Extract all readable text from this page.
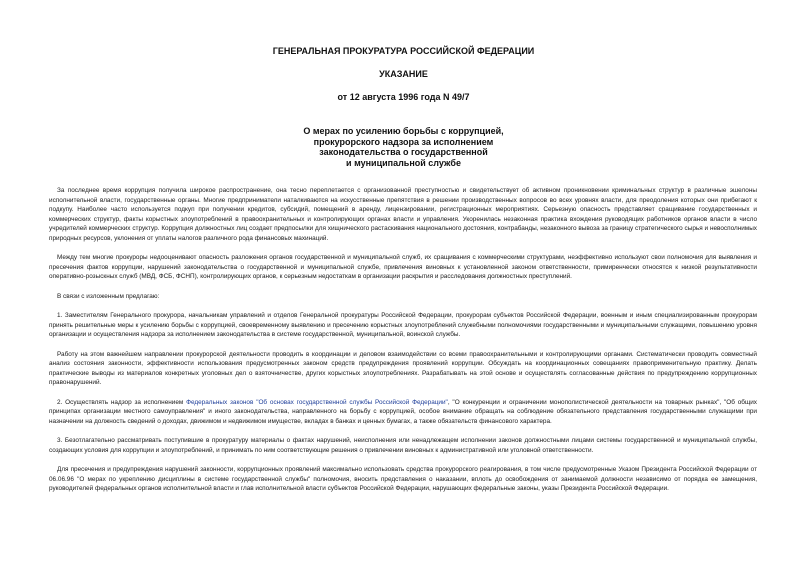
ГЕНЕРАЛЬНАЯ ПРОКУРАТУРА РОССИЙСКОЙ ФЕДЕРАЦИИ
УКАЗАНИЕ
от 12 августа 1996 года N 49/7
О мерах по усилению борьбы с коррупцией,
прокурорского надзора за исполнением
законодательства о государственной
и муниципальной службе

За последнее время коррупция получила широкое распространение, она тесно переплетается с организованной преступностью и свидетельствует об активном проникновении криминальных структур в различные эшелоны исполнительной власти, государственные органы. Многие предприниматели наталкиваются на искусственные препятствия в решении производственных вопросов во всех уровнях власти, для преодоления которых они прибегают к подкупу. Наиболее часто используется подкуп при получении кредитов, субсидий, помещений в аренду, лицензировании, регистрационных мероприятиях. Серьезную опасность представляет сращивание государственных и коммерческих структур, факты корыстных злоупотреблений в правоохранительных и контролирующих органах власти и управления. Укоренилась незаконная практика вхождения руководящих работников органов власти в число учредителей коммерческих структур. Коррупция должностных лиц создает предпосылки для хищнического растаскивания национального достояния, контрабанды, незаконного вывоза за границу стратегического сырья и невосполнимых природных ресурсов, уклонения от уплаты налогов различного рода финансовых махинаций.

Между тем многие прокуроры недооценивают опасность разложения органов государственной и муниципальной служб, их сращивания с коммерческими структурами, неэффективно используют свои полномочия для выявления и пресечения фактов коррупции, нарушений законодательства о государственной и муниципальной службе, привлечения виновных к установленной законом ответственности, примиренчески относятся к низкой результативности оперативно-розыскных служб (МВД, ФСБ, ФСНП), контролирующих органов, к серьезным недостаткам в организации раскрытия и расследования должностных преступлений.

В связи с изложенным предлагаю:

1. Заместителям Генерального прокурора, начальникам управлений и отделов Генеральной прокуратуры Российской Федерации, прокурорам субъектов Российской Федерации, военным и иным специализированным прокурорам принять решительные меры к усилению борьбы с коррупцией, своевременному выявлению и пресечению корыстных злоупотреблений служебными полномочиями государственными и муниципальными служащими, повышению уровня организации и осуществления надзора за исполнением законодательства в системе государственной, муниципальной, воинской службы.

Работу на этом важнейшем направлении прокурорской деятельности проводить в координации и деловом взаимодействии со всеми правоохранительными и контролирующими органами. Систематически проводить совместный анализ состояния законности, эффективности использования предусмотренных законом средств предупреждения проявлений коррупции. Обсуждать на координационных совещаниях правоприменительную практику. Делать практические выводы из материалов конкретных уголовных дел о взяточничестве, других корыстных злоупотреблениях. Разрабатывать на этой основе и осуществлять согласованные действия по предупреждению коррупционных правонарушений.

2. Осуществлять надзор за исполнением Федеральных законов "Об основах государственной службы Российской Федерации", "О конкуренции и ограничении монополистической деятельности на товарных рынках", "Об общих принципах организации местного самоуправления" и иного законодательства, направленного на борьбу с коррупцией, особое внимание обращать на соблюдение обязательного представления государственными служащими при назначении на должность сведений о доходах, движимом и недвижимом имуществе, вкладах в банках и ценных бумагах, а также обязательств финансового характера.

3. Безотлагательно рассматривать поступившие в прокуратуру материалы о фактах нарушений, неисполнения или ненадлежащем исполнении законов должностными лицами системы государственной и муниципальной службы, создающих условия для коррупции и злоупотреблений, и принимать по ним соответствующие решения о привлечении виновных к административной или уголовной ответственности.

Для пресечения и предупреждения нарушений законности, коррупционных проявлений максимально использовать средства прокурорского реагирования, в том числе предусмотренные Указом Президента Российской Федерации от 06.06.96 "О мерах по укреплению дисциплины в системе государственной службы" полномочия, вносить представления о наказании, вплоть до освобождения от занимаемой должности независимо от порядка ее замещения, руководителей федеральных органов исполнительной власти и глав исполнительной власти субъектов Российской Федерации, нарушающих федеральные законы, указы Президента Российской Федерации.
